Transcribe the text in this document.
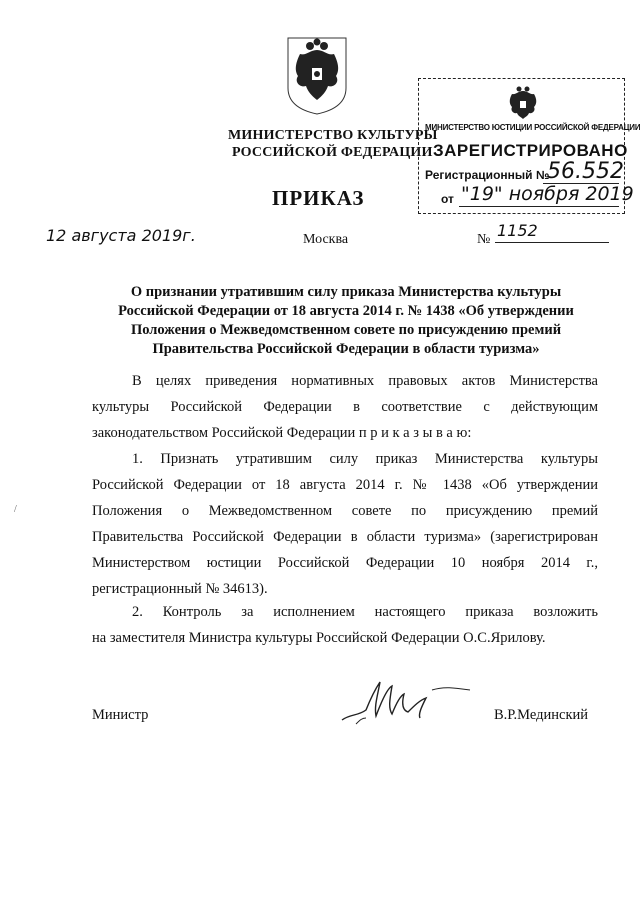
МИНИСТЕРСТВО КУЛЬТУРЫ
РОССИЙСКОЙ ФЕДЕРАЦИИ
ПРИКАЗ
МИНИСТЕРСТВО ЮСТИЦИИ РОССИЙСКОЙ ФЕДЕРАЦИИ
ЗАРЕГИСТРИРОВАНО
Регистрационный №
56.552
от "19" ноября 2019
12 августа 2019г.	Москва	№ 1152
О признании утратившим силу приказа Министерства культуры Российской Федерации от 18 августа 2014 г. № 1438 «Об утверждении Положения о Межведомственном совете по присуждению премий Правительства Российской Федерации в области туризма»
В целях приведения нормативных правовых актов Министерства
культуры Российской Федерации в соответствие с действующим
законодательством Российской Федерации п р и к а з ы в а ю:
1. Признать утратившим силу приказ Министерства культуры
Российской Федерации от 18 августа 2014 г. № 1438 «Об утверждении
Положения о Межведомственном совете по присуждению премий
Правительства Российской Федерации в области туризма» (зарегистрирован
Министерством юстиции Российской Федерации 10 ноября 2014 г.,
регистрационный № 34613).
2. Контроль за исполнением настоящего приказа возложить
на заместителя Министра культуры Российской Федерации О.С.Ярилову.
Министр	В.Р.Мединский
/
